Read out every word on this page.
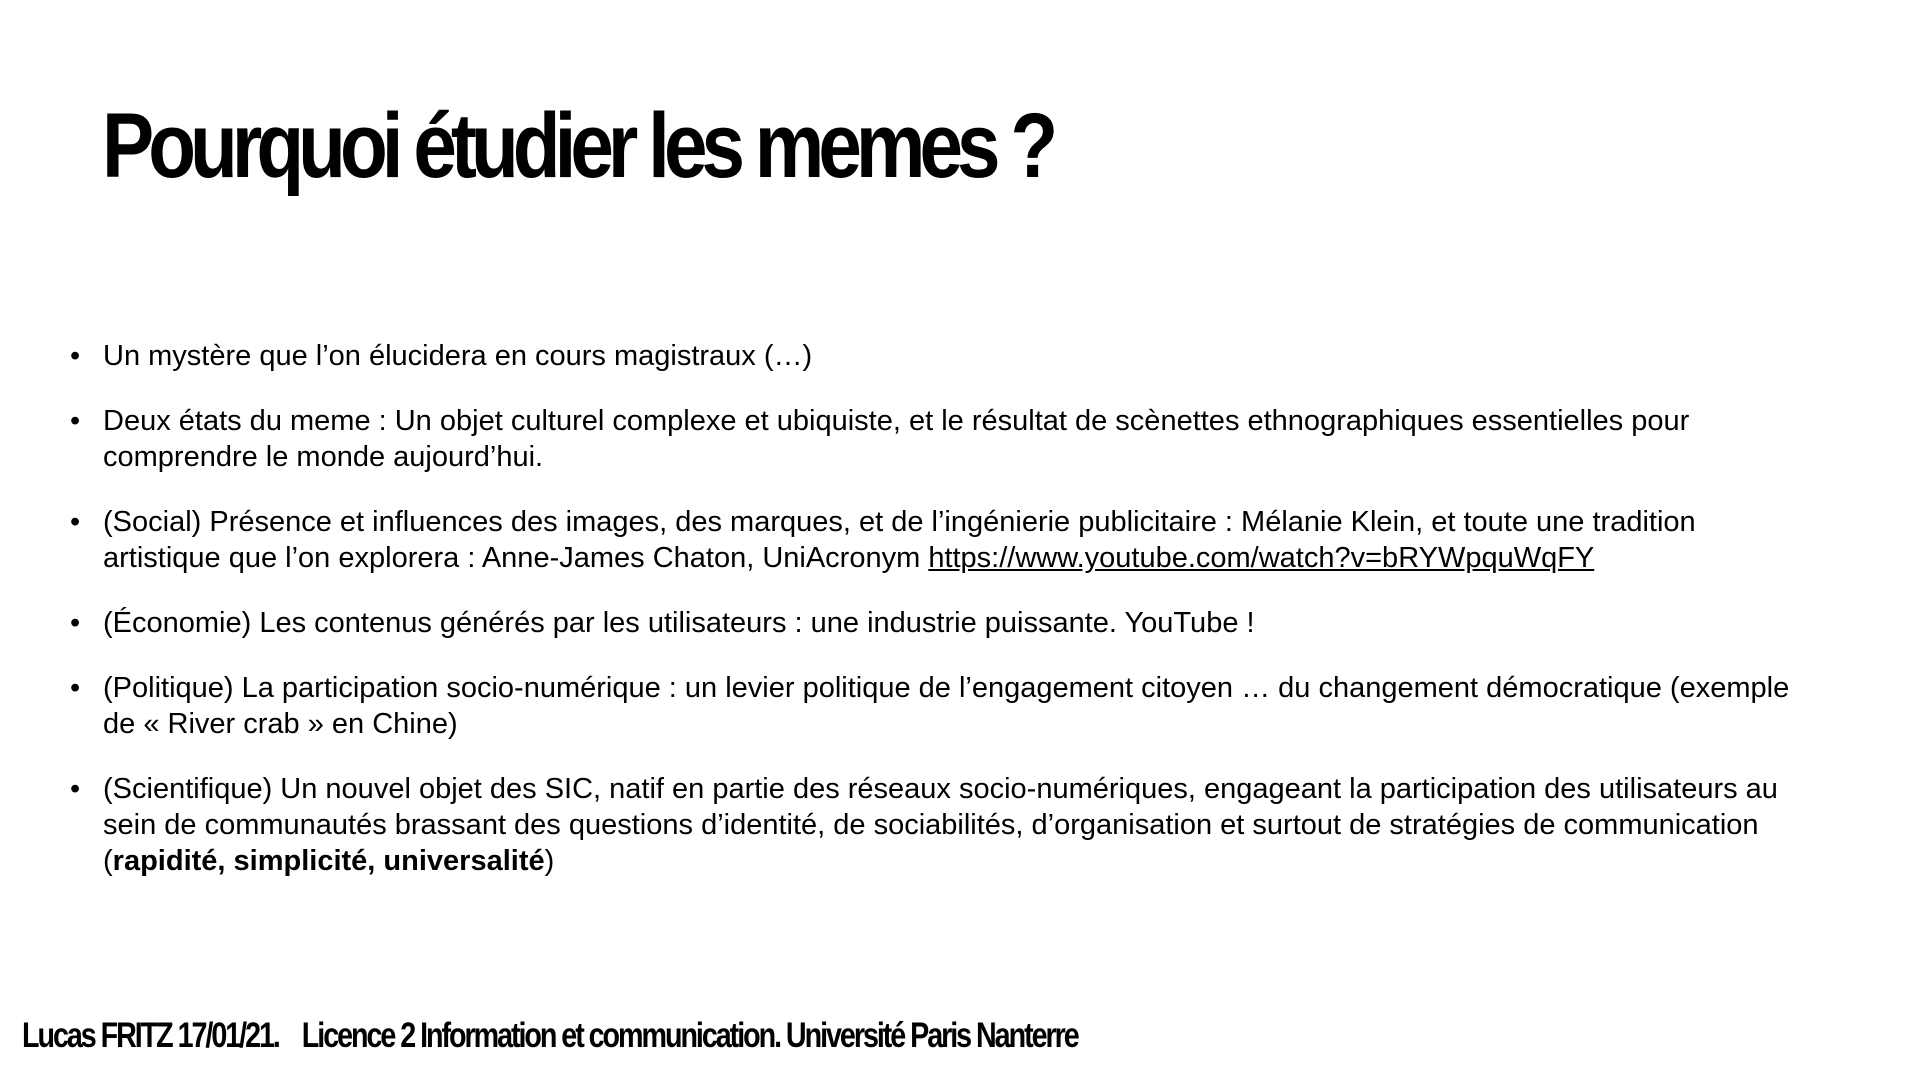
Pourquoi étudier les memes ?
• Un mystère que l’on élucidera en cours magistraux (…)
• Deux états du meme : Un objet culturel complexe et ubiquiste, et le résultat de scènettes ethnographiques essentielles pour comprendre le monde aujourd’hui.
• (Social) Présence et influences des images, des marques, et de l’ingénierie publicitaire : Mélanie Klein, et toute une tradition artistique que l’on explorera : Anne-James Chaton, UniAcronym https://www.youtube.com/watch?v=bRYWpquWqFY
• (Économie) Les contenus générés par les utilisateurs : une industrie puissante. YouTube !
• (Politique) La participation socio-numérique : un levier politique de l’engagement citoyen … du changement démocratique (exemple de « River crab » en Chine)
• (Scientifique) Un nouvel objet des SIC, natif en partie des réseaux socio-numériques, engageant la participation des utilisateurs au sein de communautés brassant des questions d’identité, de sociabilités, d’organisation et surtout de stratégies de communication (rapidité, simplicité, universalité)
Lucas FRITZ 17/01/21. Licence 2 Information et communication. Université Paris Nanterre
